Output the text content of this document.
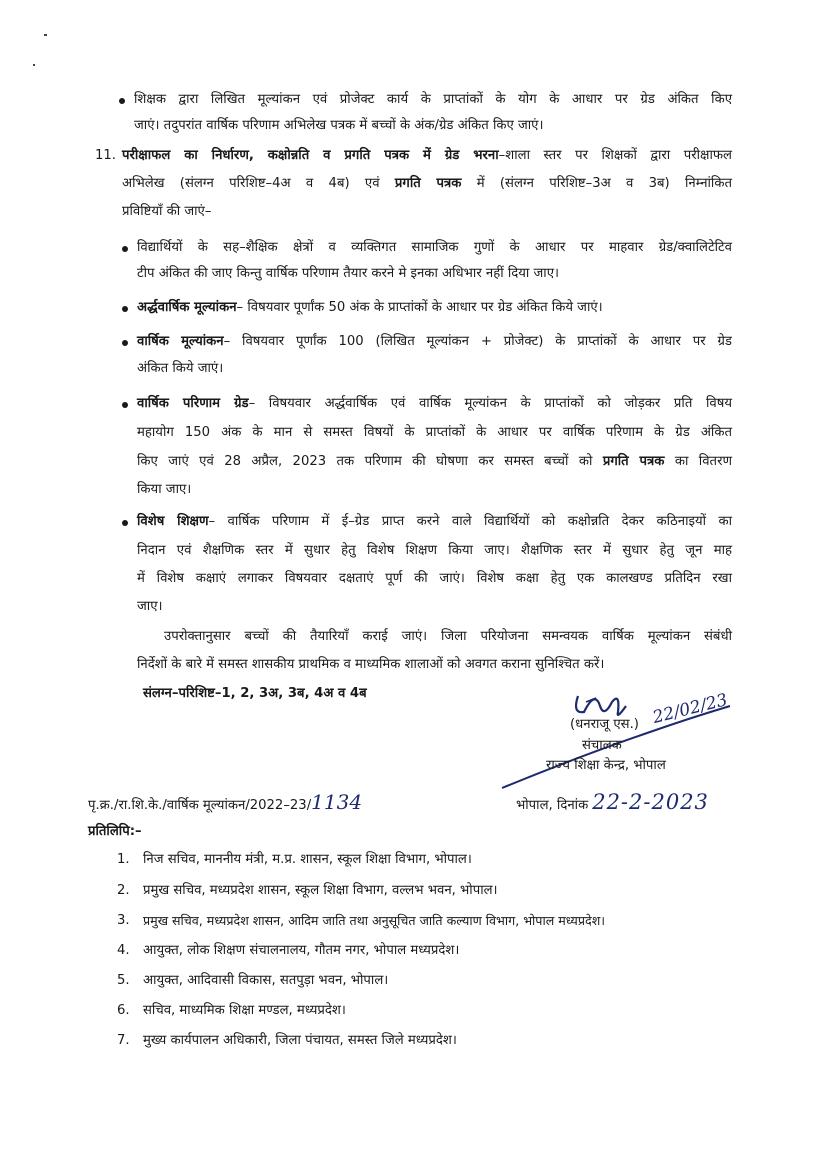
शिक्षक द्वारा लिखित मूल्यांकन एवं प्रोजेक्ट कार्य के प्राप्तांकों के योग के आधार पर ग्रेड अंकित किए
जाएं। तदुपरांत वार्षिक परिणाम अभिलेख पत्रक में बच्चों के अंक/ग्रेड अंकित किए जाएं।
11. परीक्षाफल का निर्धारण, कक्षोन्नति व प्रगति पत्रक में ग्रेड भरना–शाला स्तर पर शिक्षकों द्वारा परीक्षाफल
अभिलेख (संलग्न परिशिष्ट–4अ व 4ब) एवं प्रगति पत्रक में (संलग्न परिशिष्ट–3अ व 3ब) निम्नांकित
प्रविष्टियाँ की जाएं–
विद्यार्थियों के सह–शैक्षिक क्षेत्रों व व्यक्तिगत सामाजिक गुणों के आधार पर माहवार ग्रेड/क्वालिटेटिव
टीप अंकित की जाए किन्तु वार्षिक परिणाम तैयार करने मे इनका अधिभार नहीं दिया जाए।
अर्द्धवार्षिक मूल्यांकन– विषयवार पूर्णांक 50 अंक के प्राप्तांकों के आधार पर ग्रेड अंकित किये जाएं।
वार्षिक मूल्यांकन– विषयवार पूर्णांक 100 (लिखित मूल्यांकन + प्रोजेक्ट) के प्राप्तांकों के आधार पर ग्रेड
अंकित किये जाएं।
वार्षिक परिणाम ग्रेड– विषयवार अर्द्धवार्षिक एवं वार्षिक मूल्यांकन के प्राप्तांकों को जोड़कर प्रति विषय
महायोग 150 अंक के मान से समस्त विषयों के प्राप्तांकों के आधार पर वार्षिक परिणाम के ग्रेड अंकित
किए जाएं एवं 28 अप्रैल, 2023 तक परिणाम की घोषणा कर समस्त बच्चों को प्रगति पत्रक का वितरण
किया जाए।
विशेष शिक्षण– वार्षिक परिणाम में ई–ग्रेड प्राप्त करने वाले विद्यार्थियों को कक्षोन्नति देकर कठिनाइयों का
निदान एवं शैक्षणिक स्तर में सुधार हेतु विशेष शिक्षण किया जाए। शैक्षणिक स्तर में सुधार हेतु जून माह
में विशेष कक्षाएं लगाकर विषयवार दक्षताएं पूर्ण की जाएं। विशेष कक्षा हेतु एक कालखण्ड प्रतिदिन रखा
जाए।
उपरोक्तानुसार बच्चों की तैयारियाँ कराई जाएं। जिला परियोजना समन्वयक वार्षिक मूल्यांकन संबंधी
निर्देशों के बारे में समस्त शासकीय प्राथमिक व माध्यमिक शालाओं को अवगत कराना सुनिश्चित करें।
संलग्न–परिशिष्ट–1, 2, 3अ, 3ब, 4अ व 4ब	22/02/23
(धनराजू एस.)
संचालक
राज्य शिक्षा केन्द्र, भोपाल
पृ.क्र./रा.शि.के./वार्षिक मूल्यांकन/2022–23/1134	भोपाल, दिनांक 22-2-2023
प्रतिलिपि:–
1. निज सचिव, माननीय मंत्री, म.प्र. शासन, स्कूल शिक्षा विभाग, भोपाल।
2. प्रमुख सचिव, मध्यप्रदेश शासन, स्कूल शिक्षा विभाग, वल्लभ भवन, भोपाल।
3. प्रमुख सचिव, मध्यप्रदेश शासन, आदिम जाति तथा अनुसूचित जाति कल्याण विभाग, भोपाल मध्यप्रदेश।
4. आयुक्त, लोक शिक्षण संचालनालय, गौतम नगर, भोपाल मध्यप्रदेश।
5. आयुक्त, आदिवासी विकास, सतपुड़ा भवन, भोपाल।
6. सचिव, माध्यमिक शिक्षा मण्डल, मध्यप्रदेश।
7. मुख्य कार्यपालन अधिकारी, जिला पंचायत, समस्त जिले मध्यप्रदेश।
